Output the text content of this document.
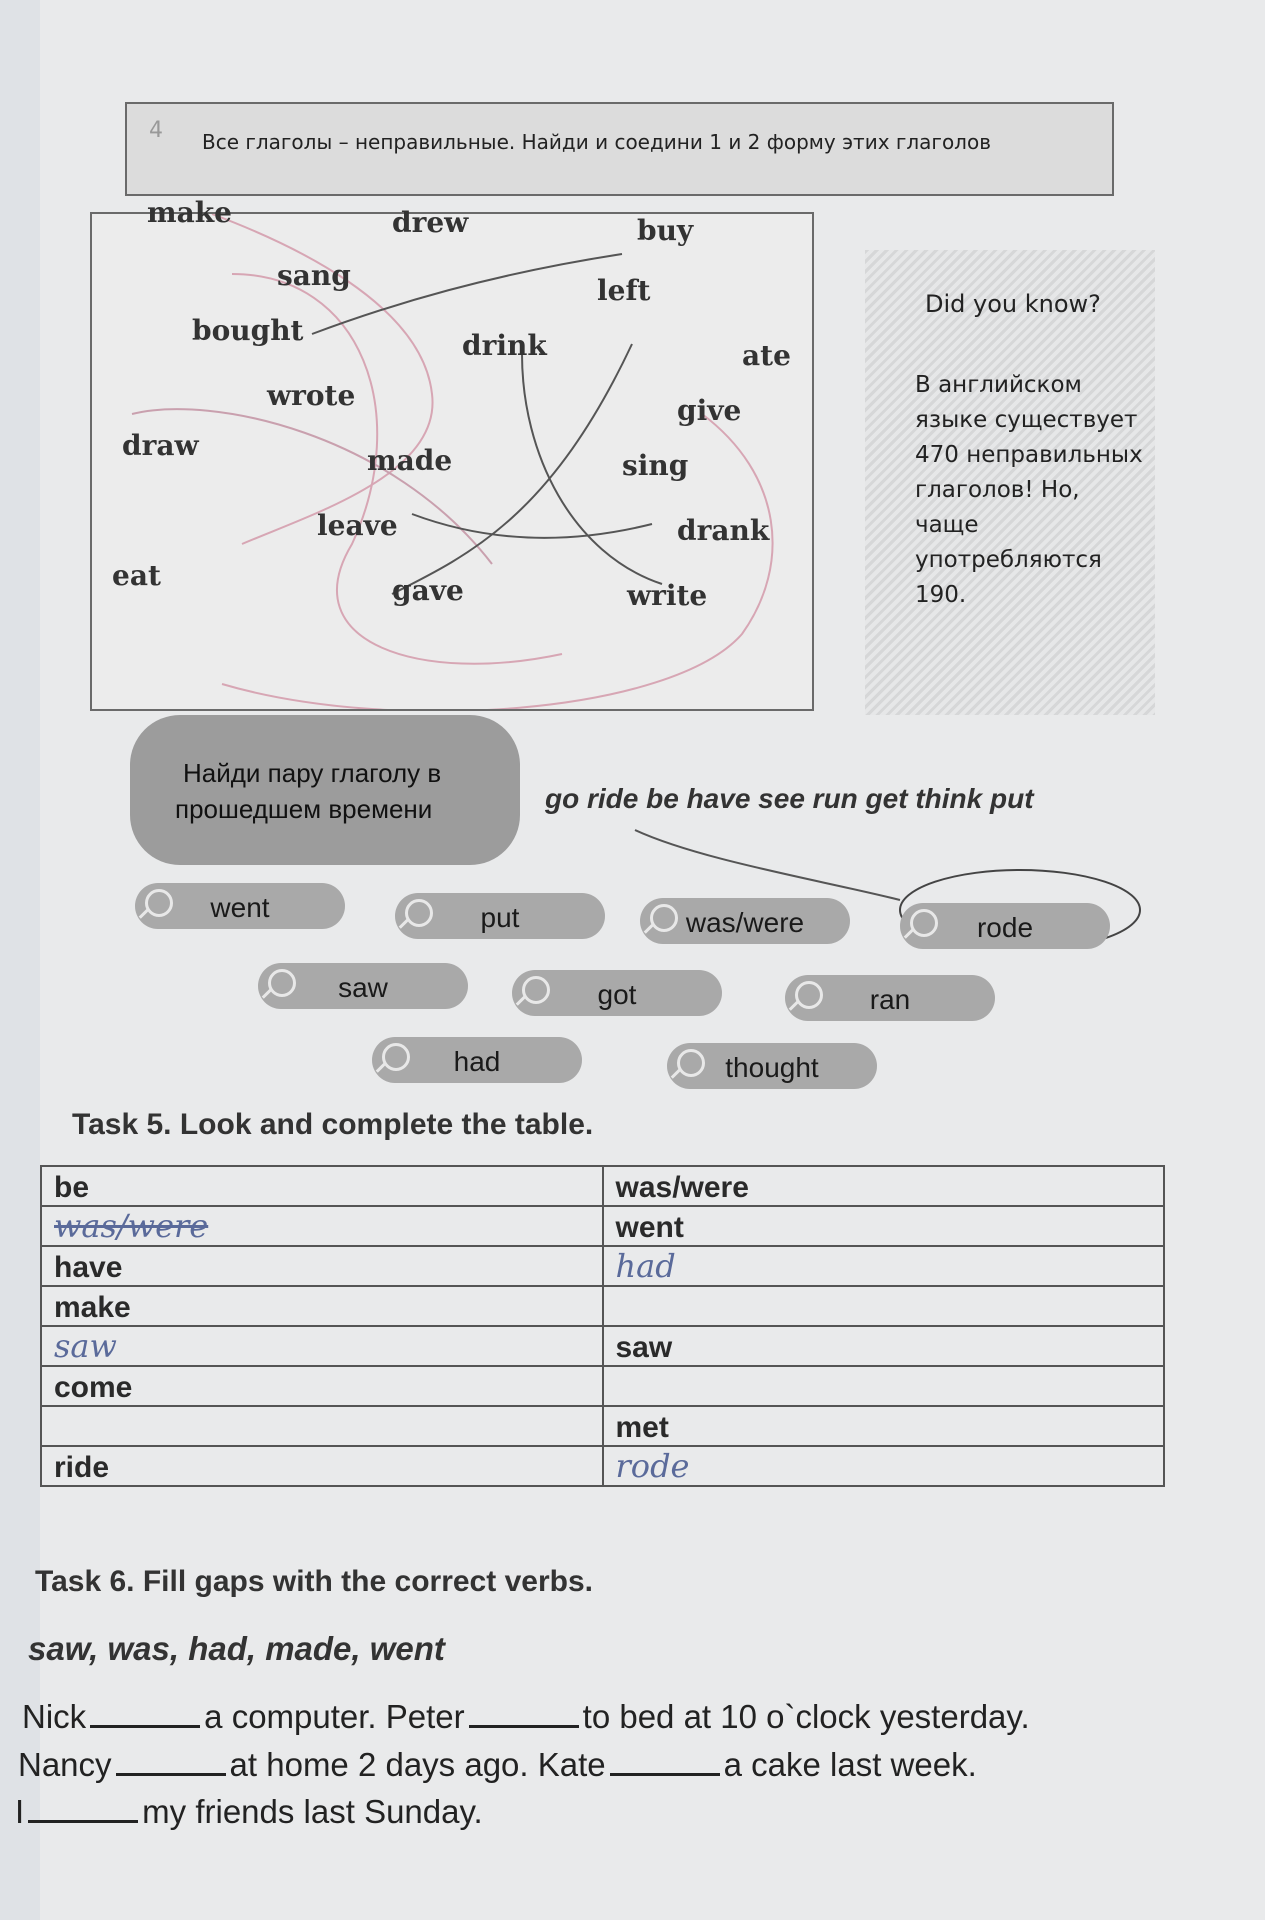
4 Все глаголы – неправильные. Найди и соедини 1 и 2 форму этих глаголов
make	drew	buy
sang	left
bought	drink	ate
wrote	give
draw	made	sing
leave	drank
eat	gave	write
Did you know?
В английском языке существует 470 неправильных глаголов! Но, чаще употребляются 190.
Найди пару глаголу в
прошедшем времени	go ride be have see run get think put
went	put	was/were	rode
saw	got	ran
had	thought
Task 5. Look and complete the table.
be	was/were
was/were	went
have	had
make	
saw	saw
come	
	met
ride	rode
Task 6. Fill gaps with the correct verbs.
saw, was, had, made, went
Nick	a computer. Peter	to bed at 10 o`clock yesterday.
Nancy	at home 2 days ago. Kate	a cake last week.
I	my friends last Sunday.
